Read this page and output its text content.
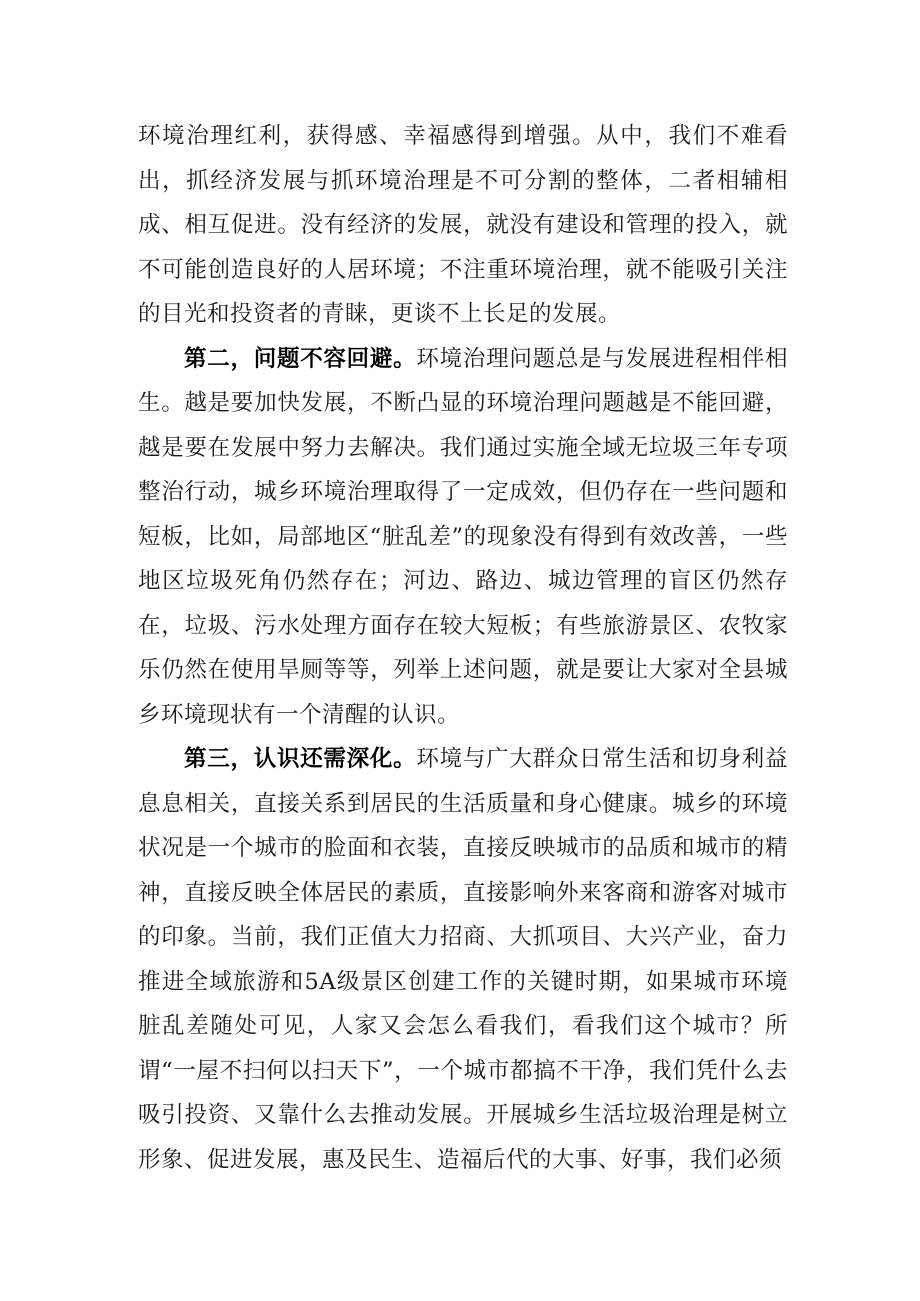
环境治理红利，获得感、幸福感得到增强。从中，我们不难看出，抓经济发展与抓环境治理是不可分割的整体，二者相辅相成、相互促进。没有经济的发展，就没有建设和管理的投入，就不可能创造良好的人居环境；不注重环境治理，就不能吸引关注的目光和投资者的青睐，更谈不上长足的发展。

第二，问题不容回避。环境治理问题总是与发展进程相伴相生。越是要加快发展，不断凸显的环境治理问题越是不能回避，越是要在发展中努力去解决。我们通过实施全域无垃圾三年专项整治行动，城乡环境治理取得了一定成效，但仍存在一些问题和短板，比如，局部地区“脏乱差”的现象没有得到有效改善，一些地区垃圾死角仍然存在；河边、路边、城边管理的盲区仍然存在，垃圾、污水处理方面存在较大短板；有些旅游景区、农牧家乐仍然在使用旱厕等等，列举上述问题，就是要让大家对全县城乡环境现状有一个清醒的认识。

第三，认识还需深化。环境与广大群众日常生活和切身利益息息相关，直接关系到居民的生活质量和身心健康。城乡的环境状况是一个城市的脸面和衣装，直接反映城市的品质和城市的精神，直接反映全体居民的素质，直接影响外来客商和游客对城市的印象。当前，我们正值大力招商、大抓项目、大兴产业，奋力推进全域旅游和5A级景区创建工作的关键时期，如果城市环境脏乱差随处可见，人家又会怎么看我们，看我们这个城市？所谓“一屋不扫何以扫天下”，一个城市都搞不干净，我们凭什么去吸引投资、又靠什么去推动发展。开展城乡生活垃圾治理是树立形象、促进发展，惠及民生、造福后代的大事、好事，我们必须
